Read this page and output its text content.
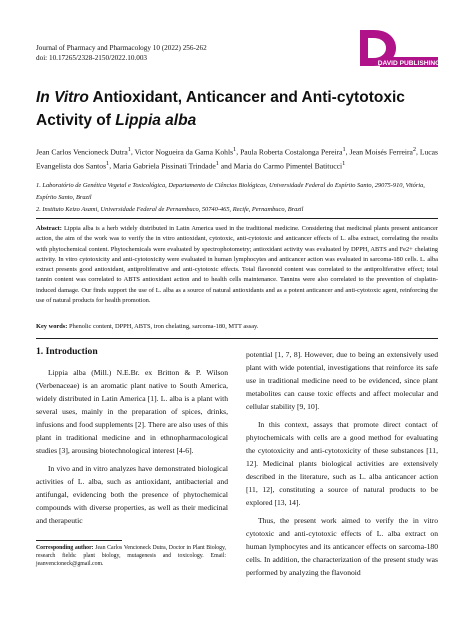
Journal of Pharmacy and Pharmacology 10 (2022) 256-262
doi: 10.17265/2328-2150/2022.10.003
DAVID PUBLISHING
In Vitro Antioxidant, Anticancer and Anti-cytotoxic
Activity of Lippia alba
Jean Carlos Vencioneck Dutra$^1$, Victor Nogueira da Gama Kohls$^1$, Paula Roberta Costalonga Pereira$^1$, Jean Moisés Ferreira$^2$, Lucas Evangelista dos Santos$^1$, Maria Gabriela Pissinati Trindade$^1$ and Maria do Carmo Pimentel Batitucci$^1$
1. Laboratório de Genética Vegetal e Toxicológica, Departamento de Ciências Biológicas, Universidade Federal do Espírito Santo, 29075-910, Vitória, Espírito Santo, Brazil
2. Instituto Keizo Asami, Universidade Federal de Pernambuco, 50740-465, Recife, Pernambuco, Brazil
Abstract: Lippia alba is a herb widely distributed in Latin America used in the traditional medicine. Considering that medicinal plants present anticancer action, the aim of the work was to verify the in vitro antioxidant, cytotoxic, anti-cytotoxic and anticancer effects of L. alba extract, correlating the results with phytochemical content. Phytochemicals were evaluated by spectrophotometry; antioxidant activity was evaluated by DPPH, ABTS and Fe2+ chelating activity. In vitro cytotoxicity and anti-cytotoxicity were evaluated in human lymphocytes and anticancer action was evaluated in sarcoma-180 cells. L. alba extract presents good antioxidant, antiproliferative and anti-cytotoxic effects. Total flavonoid content was correlated to the antiproliferative effect; total tannin content was correlated to ABTS antioxidant action and to health cells maintenance. Tannins were also correlated to the prevention of cisplatin-induced damage. Our finds support the use of L. alba as a source of natural antioxidants and as a potent anticancer and anti-cytotoxic agent, reinforcing the use of natural products for health promotion.
Key words: Phenolic content, DPPH, ABTS, iron chelating, sarcoma-180, MTT assay.
1. Introduction

Lippia alba (Mill.) N.E.Br. ex Britton & P. Wilson (Verbenaceae) is an aromatic plant native to South America, widely distributed in Latin America [1]. L. alba is a plant with several uses, mainly in the preparation of spices, drinks, infusions and food supplements [2]. There are also uses of this plant in traditional medicine and in ethnopharmacological studies [3], arousing biotechnological interest [4-6].

In vivo and in vitro analyzes have demonstrated biological activities of L. alba, such as antioxidant, antibacterial and antifungal, evidencing both the presence of phytochemical compounds with diverse properties, as well as their medicinal and therapeutic

potential [1, 7, 8]. However, due to being an extensively used plant with wide potential, investigations that reinforce its safe use in traditional medicine need to be evidenced, since plant metabolites can cause toxic effects and affect molecular and cellular stability [9, 10].

In this context, assays that promote direct contact of phytochemicals with cells are a good method for evaluating the cytotoxicity and anti-cytotoxicity of these substances [11, 12]. Medicinal plants biological activities are extensively described in the literature, such as L. alba anticancer action [11, 12], constituting a source of natural products to be explored [13, 14].

Thus, the present work aimed to verify the in vitro cytotoxic and anti-cytotoxic effects of L. alba extract on human lymphocytes and its anticancer effects on sarcoma-180 cells. In addition, the characterization of the present study was performed by analyzing the flavonoid

Corresponding author: Jean Carlos Vencioneck Dutra, Doctor in Plant Biology, research fields: plant biology, mutagenesis and toxicology. Email: jeanvencioneck@gmail.com.
